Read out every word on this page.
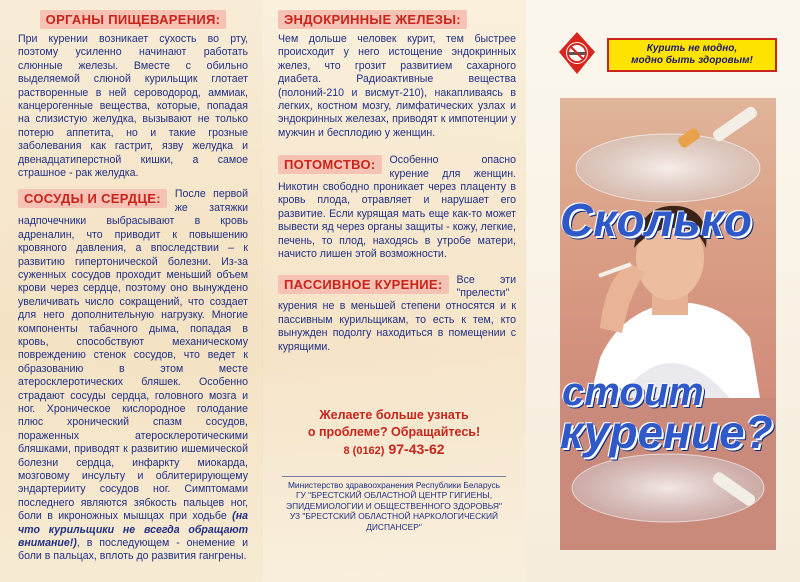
ОРГАНЫ ПИЩЕВАРЕНИЯ:

При курении возникает сухость во рту, поэтому усиленно начинают работать слюнные железы. Вместе с обильно выделяемой слюной курильщик глотает растворенные в ней сероводород, аммиак, канцерогенные вещества, которые, попадая на слизистую желудка, вызывают не только потерю аппетита, но и такие грозные заболевания как гастрит, язву желудка и двенадцатиперстной кишки, а самое страшное - рак желудка.

СОСУДЫ И СЕРДЦЕ:	После первой же затяжки надпочечники выбрасывают в кровь адреналин, что приводит к повышению кровяного давления, а впоследствии – к развитию гипертонической болезни. Из-за суженных сосудов проходит меньший объем крови через сердце, поэтому оно вынуждено увеличивать число сокращений, что создает для него дополнительную нагрузку. Многие компоненты табачного дыма, попадая в кровь, способствуют механическому повреждению стенок сосудов, что ведет к образованию в этом месте атеросклеротических бляшек. Особенно страдают сосуды сердца, головного мозга и ног. Хроническое кислородное голодание плюс хронический спазм сосудов, пораженных атеросклеротическими бляшками, приводят к развитию ишемической болезни сердца, инфаркту миокарда, мозговому инсульту и облитерирующему эндартерииту сосудов ног. Симптомами последнего являются зябкость пальцев ног, боли в икроножных мышцах при ходьбе (на что курильщики не всегда обращают внимание!), в последующем - онемение и боли в пальцах, вплоть до развития гангрены.

ЭНДОКРИННЫЕ ЖЕЛЕЗЫ:

Чем дольше человек курит, тем быстрее происходит у него истощение эндокринных желез, что грозит развитием сахарного диабета. Радиоактивные вещества (полоний-210 и висмут-210), накапливаясь в легких, костном мозгу, лимфатических узлах и эндокринных железах, приводят к импотенции у мужчин и бесплодию у женщин.

ПОТОМСТВО:	Особенно опасно курение для женщин. Никотин свободно проникает через плаценту в кровь плода, отравляет и нарушает его развитие. Если курящая мать еще как-то может вывести яд через органы защиты - кожу, легкие, печень, то плод, находясь в утробе матери, начисто лишен этой возможности.

ПАССИВНОЕ КУРЕНИЕ:	Все эти "прелести" курения не в меньшей степени относятся и к пассивным курильщикам, то есть к тем, кто вынужден подолгу находиться в помещении с курящими.

Желаете больше узнать
о проблеме? Обращайтесь!
8 (0162) 97-43-62
Министерство здравоохранения Республики Беларусь
ГУ "БРЕСТСКИЙ ОБЛАСТНОЙ ЦЕНТР ГИГИЕНЫ,
ЭПИДЕМИОЛОГИИ И ОБЩЕСТВЕННОГО ЗДОРОВЬЯ"
УЗ "БРЕСТСКИЙ ОБЛАСТНОЙ НАРКОЛОГИЧЕСКИЙ ДИСПАНСЕР"
Курить не модно,
модно быть здоровым!
Сколько
стоит
курение?
